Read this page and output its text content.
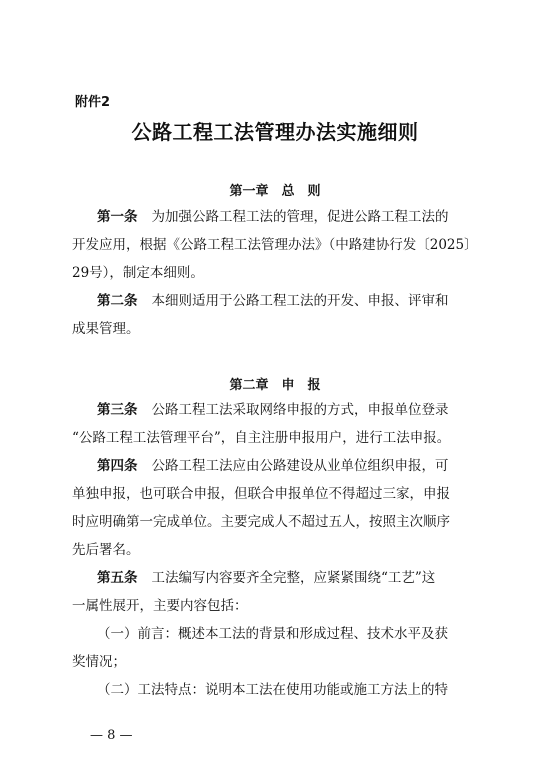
附件2
公路工程工法管理办法实施细则
第一章　总　则
第一条 为加强公路工程工法的管理，促进公路工程工法的
开发应用，根据《公路工程工法管理办法》（中路建协行发〔2025〕
29号），制定本细则。
第二条 本细则适用于公路工程工法的开发、申报、评审和
成果管理。
第二章　申　报
第三条 公路工程工法采取网络申报的方式，申报单位登录
“公路工程工法管理平台”，自主注册申报用户，进行工法申报。
第四条 公路工程工法应由公路建设从业单位组织申报，可
单独申报，也可联合申报，但联合申报单位不得超过三家，申报
时应明确第一完成单位。主要完成人不超过五人，按照主次顺序
先后署名。
第五条 工法编写内容要齐全完整，应紧紧围绕“工艺”这
一属性展开，主要内容包括：
（一）前言：概述本工法的背景和形成过程、技术水平及获
奖情况；
（二）工法特点：说明本工法在使用功能或施工方法上的特
— 8 —
